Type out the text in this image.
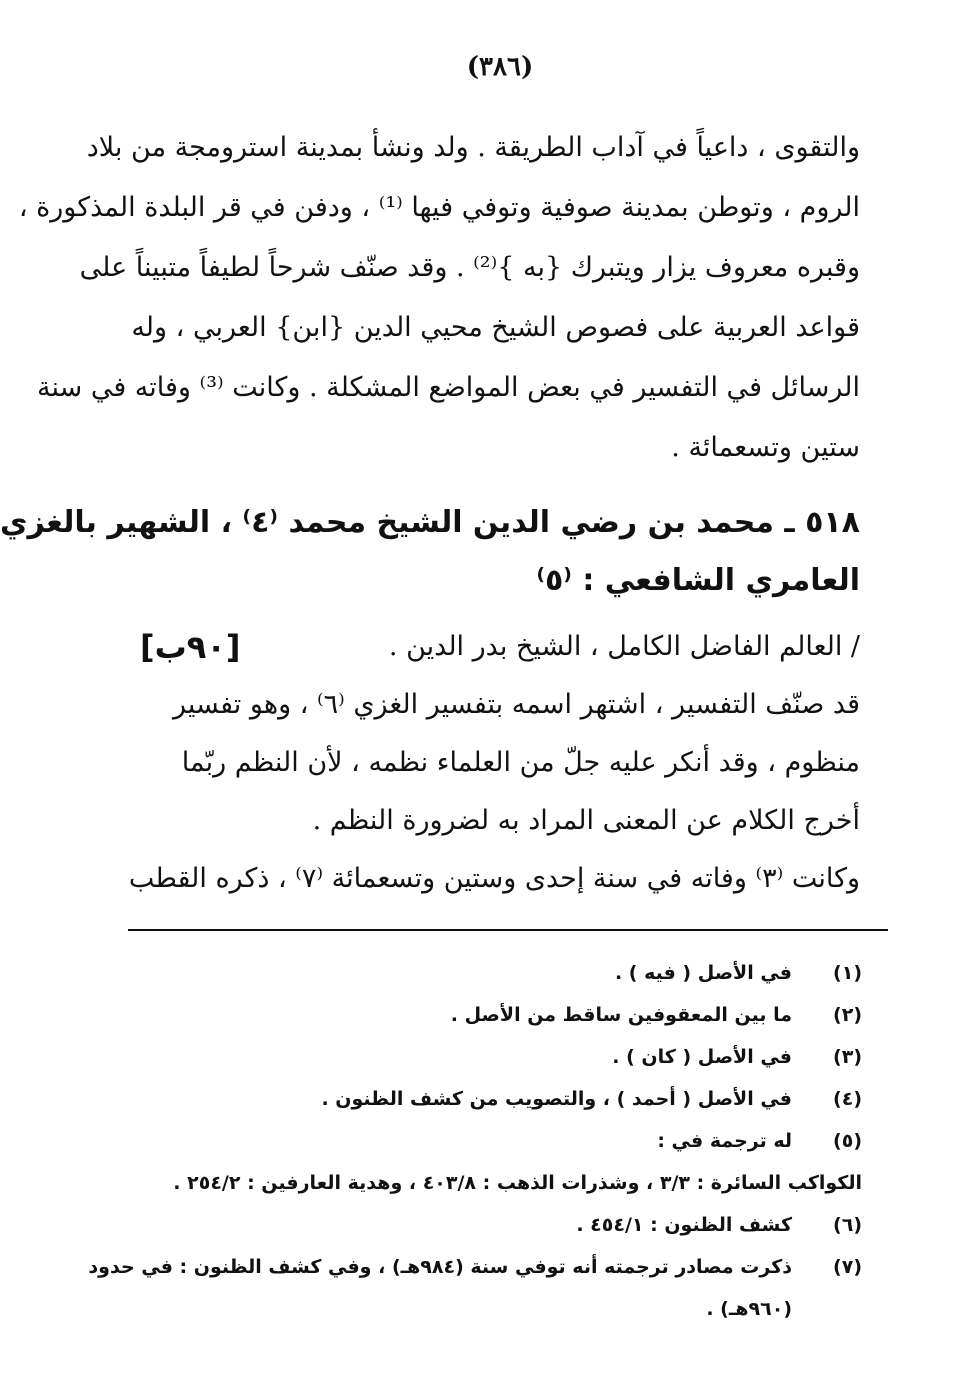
(٣٨٦)
والتقوى ، داعياً في آداب الطريقة . ولد ونشأ بمدينة استرومجة من بلاد
الروم ، وتوطن بمدينة صوفية وتوفي فيها ⁽¹⁾ ، ودفن في قر البلدة المذكورة ،
وقبره معروف يزار ويتبرك {به }⁽²⁾ . وقد صنّف شرحاً لطيفاً متبيناً على
قواعد العربية على فصوص الشيخ محيي الدين {ابن} العربي ، وله
الرسائل في التفسير في بعض المواضع المشكلة . وكانت ⁽³⁾ وفاته في سنة
ستين وتسعمائة .
٥١٨ ـ محمد بن رضي الدين الشيخ محمد ⁽٤⁾ ، الشهير بالغزي
العامري الشافعي : ⁽٥⁾
[٩٠ب]	/ العالم الفاضل الكامل ، الشيخ بدر الدين .
قد صنّف التفسير ، اشتهر اسمه بتفسير الغزي ⁽٦⁾ ، وهو تفسير
منظوم ، وقد أنكر عليه جلّ من العلماء نظمه ، لأن النظم ربّما
أخرج الكلام عن المعنى المراد به لضرورة النظم .
وكانت ⁽٣⁾ وفاته في سنة إحدى وستين وتسعمائة ⁽٧⁾ ، ذكره القطب
(١)
في الأصل ( فيه ) .
(٢)
ما بين المعقوفين ساقط من الأصل .
(٣)
في الأصل ( كان ) .
(٤)
في الأصل ( أحمد ) ، والتصويب من كشف الظنون .
(٥)
له ترجمة في :
الكواكب السائرة : ٣/٣ ، وشذرات الذهب : ٤٠٣/٨ ، وهدية العارفين : ٢٥٤/٢ .
(٦)
كشف الظنون : ٤٥٤/١ .
(٧)
ذكرت مصادر ترجمته أنه توفي سنة (٩٨٤هـ) ، وفي كشف الظنون : في حدود
(٩٦٠هـ) .
